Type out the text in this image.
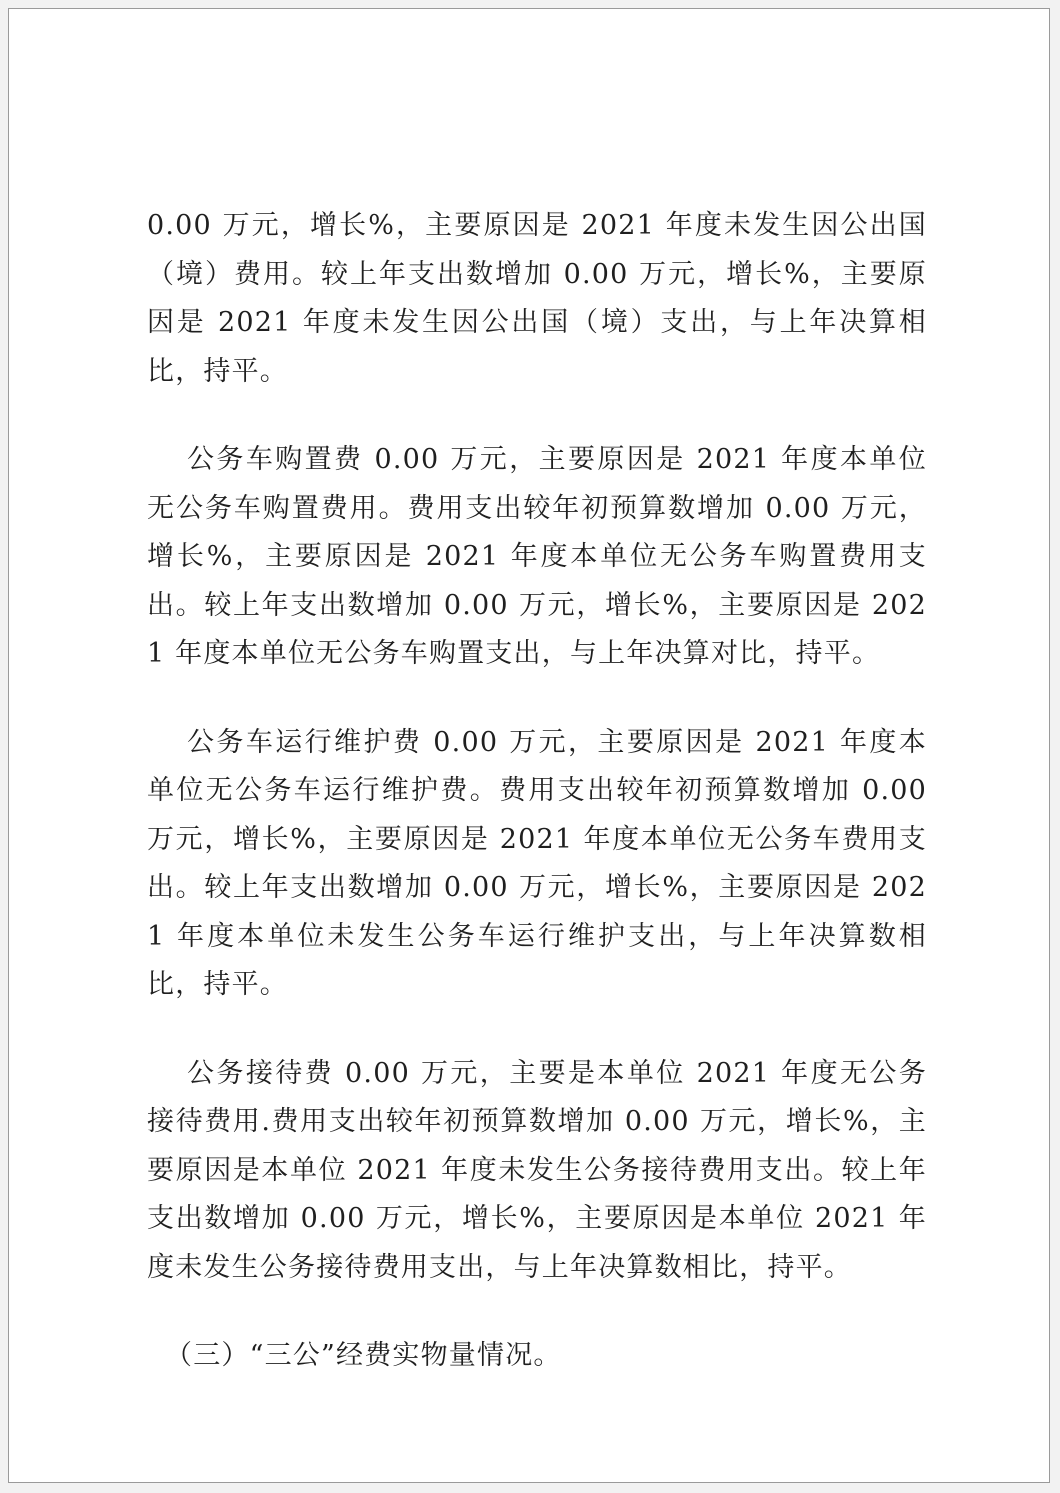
0.00 万元，增长%，主要原因是 2021 年度未发生因公出国（境）费用。较上年支出数增加 0.00 万元，增长%，主要原因是 2021 年度未发生因公出国（境）支出，与上年决算相比，持平。

公务车购置费 0.00 万元，主要原因是 2021 年度本单位无公务车购置费用。费用支出较年初预算数增加 0.00 万元，增长%，主要原因是 2021 年度本单位无公务车购置费用支出。较上年支出数增加 0.00 万元，增长%，主要原因是 2021 年度本单位无公务车购置支出，与上年决算对比，持平。

公务车运行维护费 0.00 万元，主要原因是 2021 年度本单位无公务车运行维护费。费用支出较年初预算数增加 0.00 万元，增长%，主要原因是 2021 年度本单位无公务车费用支出。较上年支出数增加 0.00 万元，增长%，主要原因是 2021 年度本单位未发生公务车运行维护支出，与上年决算数相比，持平。

公务接待费 0.00 万元，主要是本单位 2021 年度无公务接待费用.费用支出较年初预算数增加 0.00 万元，增长%，主要原因是本单位 2021 年度未发生公务接待费用支出。较上年支出数增加 0.00 万元，增长%，主要原因是本单位 2021 年度未发生公务接待费用支出，与上年决算数相比，持平。

（三）“三公”经费实物量情况。
